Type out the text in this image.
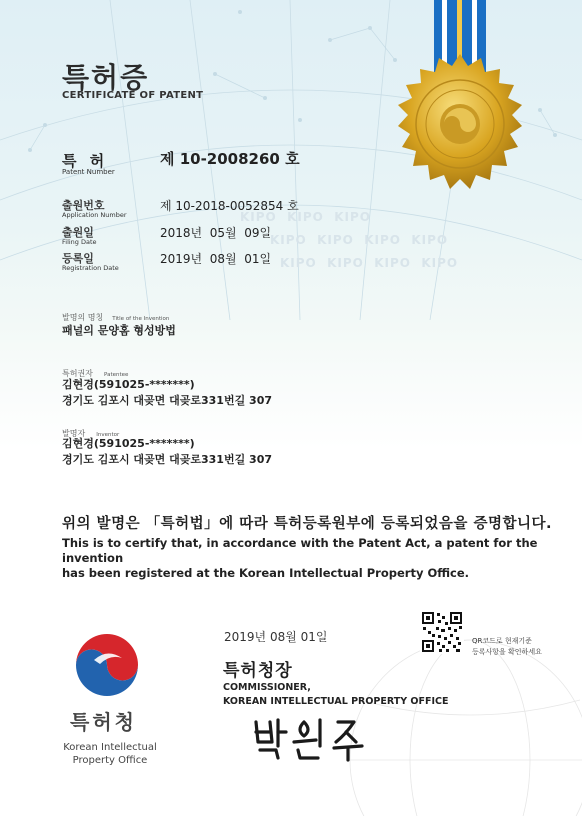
KIPO KIPO KIPO
KIPO KIPO KIPO KIPO
KIPO KIPO KIPO KIPO
특허증
CERTIFICATE OF PATENT
특 허
Patent Number
제 10-2008260 호
출원번호
Application Number
제 10-2018-0052854 호
출원일
Filing Date
2018년  05월  09일
등록일
Registration Date
2019년  08월  01일
발명의 명칭 Title of the Invention
패널의 문양홈 형성방법
특허권자 Patentee
김현경(591025-*******)
경기도 김포시 대곶면 대곶로331번길 307
발명자 Inventor
김현경(591025-*******)
경기도 김포시 대곶면 대곶로331번길 307
위의 발명은 「특허법」에 따라 특허등록원부에 등록되었음을 증명합니다.
This is to certify that, in accordance with the Patent Act, a patent for the invention
has been registered at the Korean Intellectual Property Office.
2019년 08월 01일	QR코드로 현재기준
등록사항을 확인하세요
특허청장
COMMISSIONER,
KOREAN INTELLECTUAL PROPERTY OFFICE
특허청
Korean Intellectual
Property Office
